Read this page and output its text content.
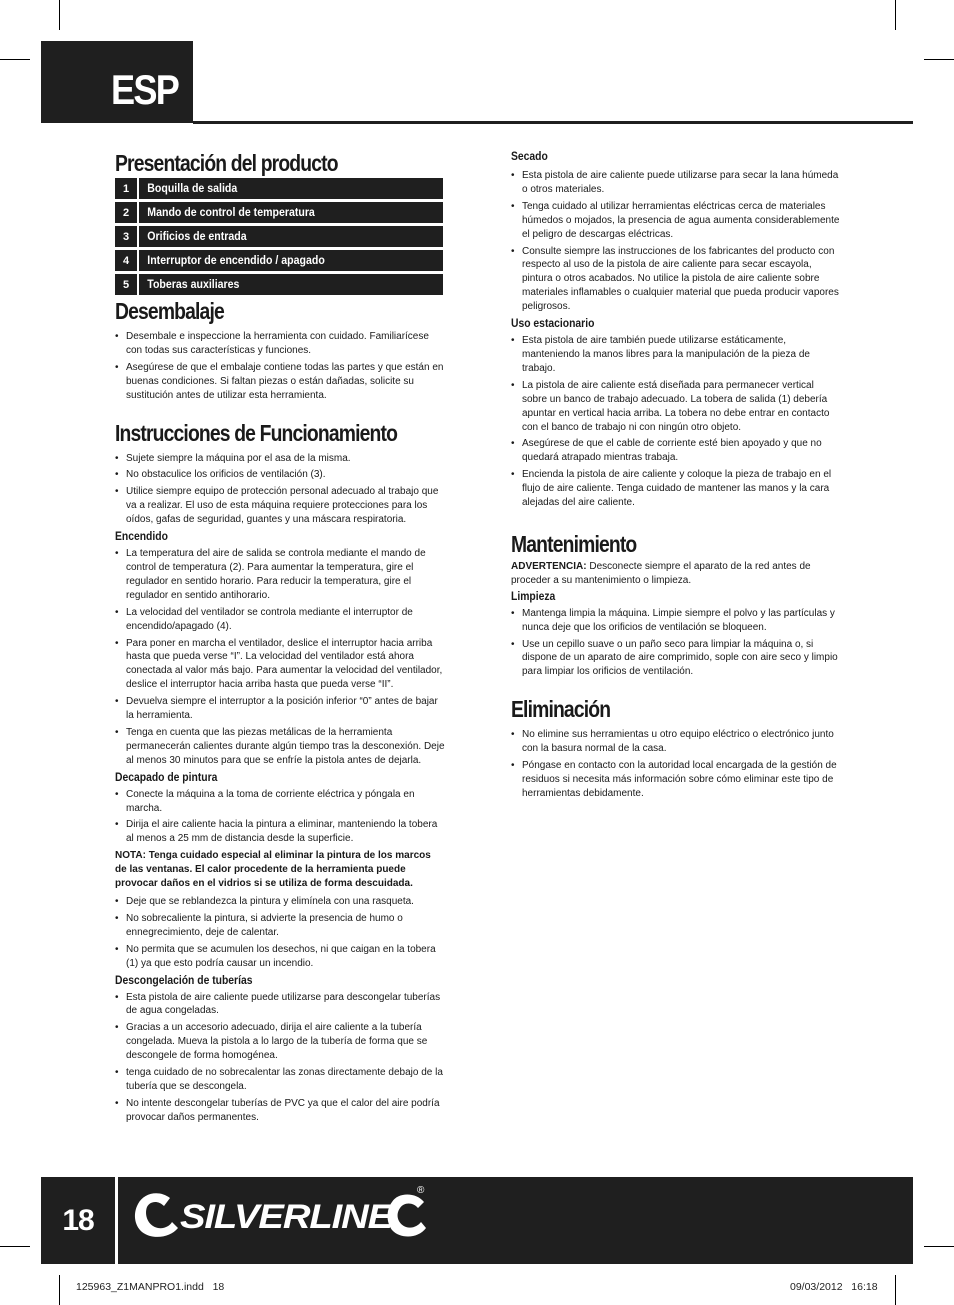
ESP
Presentación del producto
1	Boquilla de salida
2	Mando de control de temperatura
3	Orificios de entrada
4	Interruptor de encendido / apagado
5	Toberas auxiliares
Desembalaje
• Desembale e inspeccione la herramienta con cuidado. Familiarícese con todas sus características y funciones.
• Asegúrese de que el embalaje contiene todas las partes y que están en buenas condiciones. Si faltan piezas o están dañadas, solicite su sustitución antes de utilizar esta herramienta.
Instrucciones de Funcionamiento
• Sujete siempre la máquina por el asa de la misma.
• No obstaculice los orificios de ventilación (3).
• Utilice siempre equipo de protección personal adecuado al trabajo que va a realizar. El uso de esta máquina requiere protecciones para los oídos, gafas de seguridad, guantes y una máscara respiratoria.
Encendido
• La temperatura del aire de salida se controla mediante el mando de control de temperatura (2). Para aumentar la temperatura, gire el regulador en sentido horario. Para reducir la temperatura, gire el regulador en sentido antihorario.
• La velocidad del ventilador se controla mediante el interruptor de encendido/apagado (4).
• Para poner en marcha el ventilador, deslice el interruptor hacia arriba hasta que pueda verse “I”. La velocidad del ventilador está ahora conectada al valor más bajo. Para aumentar la velocidad del ventilador, deslice el interruptor hacia arriba hasta que pueda verse “II”.
• Devuelva siempre el interruptor a la posición inferior “0” antes de bajar la herramienta.
• Tenga en cuenta que las piezas metálicas de la herramienta permanecerán calientes durante algún tiempo tras la desconexión. Deje al menos 30 minutos para que se enfríe la pistola antes de dejarla.
Decapado de pintura
• Conecte la máquina a la toma de corriente eléctrica y póngala en marcha.
• Dirija el aire caliente hacia la pintura a eliminar, manteniendo la tobera al menos a 25 mm de distancia desde la superficie.

NOTA: Tenga cuidado especial al eliminar la pintura de los marcos de las ventanas. El calor procedente de la herramienta puede provocar daños en el vidrios si se utiliza de forma descuidada.

• Deje que se reblandezca la pintura y elimínela con una rasqueta.
• No sobrecaliente la pintura, si advierte la presencia de humo o ennegrecimiento, deje de calentar.
• No permita que se acumulen los desechos, ni que caigan en la tobera (1) ya que esto podría causar un incendio.
Descongelación de tuberías
• Esta pistola de aire caliente puede utilizarse para descongelar tuberías de agua congeladas.
• Gracias a un accesorio adecuado, dirija el aire caliente a la tubería congelada. Mueva la pistola a lo largo de la tubería de forma que se descongele de forma homogénea.
• tenga cuidado de no sobrecalentar las zonas directamente debajo de la tubería que se descongela.
• No intente descongelar tuberías de PVC ya que el calor del aire podría provocar daños permanentes.
Secado
• Esta pistola de aire caliente puede utilizarse para secar la lana húmeda o otros materiales.
• Tenga cuidado al utilizar herramientas eléctricas cerca de materiales húmedos o mojados, la presencia de agua aumenta considerablemente el peligro de descargas eléctricas.
• Consulte siempre las instrucciones de los fabricantes del producto con respecto al uso de la pistola de aire caliente para secar escayola, pintura o otros acabados. No utilice la pistola de aire caliente sobre materiales inflamables o cualquier material que pueda producir vapores peligrosos.
Uso estacionario
• Esta pistola de aire también puede utilizarse estáticamente, manteniendo la manos libres para la manipulación de la pieza de trabajo.
• La pistola de aire caliente está diseñada para permanecer vertical sobre un banco de trabajo adecuado. La tobera de salida (1) debería apuntar en vertical hacia arriba. La tobera no debe entrar en contacto con el banco de trabajo ni con ningún otro objeto.
• Asegúrese de que el cable de corriente esté bien apoyado y que no quedará atrapado mientras trabaja.
• Encienda la pistola de aire caliente y coloque la pieza de trabajo en el flujo de aire caliente. Tenga cuidado de mantener las manos y la cara alejadas del aire caliente.
Mantenimiento

ADVERTENCIA: Desconecte siempre el aparato de la red antes de proceder a su mantenimiento o limpieza.

Limpieza
• Mantenga limpia la máquina. Limpie siempre el polvo y las partículas y nunca deje que los orificios de ventilación se bloqueen.
• Use un cepillo suave o un paño seco para limpiar la máquina o, si dispone de un aparato de aire comprimido, sople con aire seco y limpio para limpiar los orificios de ventilación.
Eliminación
• No elimine sus herramientas u otro equipo eléctrico o electrónico junto con la basura normal de la casa.
• Póngase en contacto con la autoridad local encargada de la gestión de residuos si necesita más información sobre cómo eliminar este tipo de herramientas debidamente.
18	SILVERLINE
®
125963_Z1MANPRO1.indd   18	09/03/2012   16:18
